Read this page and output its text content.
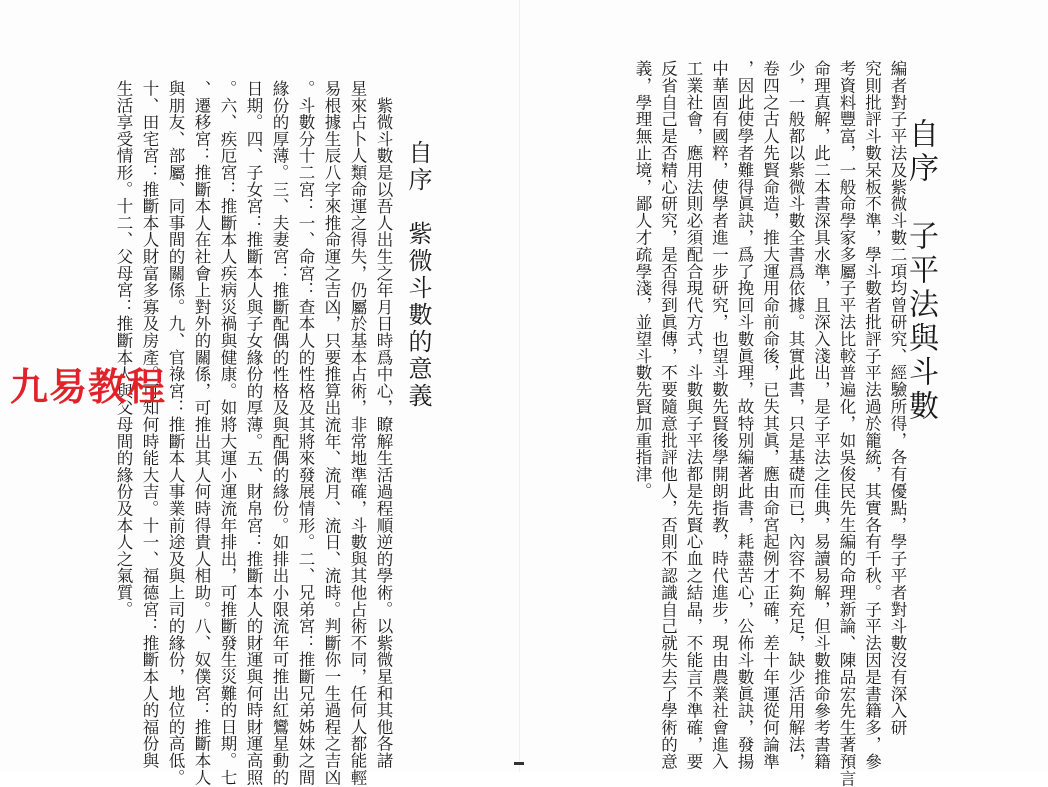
自序　子平法與斗數
編者對子平法及紫微斗數二項均曾研究、經驗所得，各有優點，學子平者對斗數沒有深入研
究則批評斗數呆板不準，學斗數者批評子平法過於籠統，其實各有千秋。子平法因是書籍多，參
考資料豐富，一般命學家多屬子平法比較普遍化，如吳俊民先生編的命理新論、陳品宏先生著預言
命理真解，此二本書深具水準，且深入淺出，是子平法之佳典，易讀易解，但斗數推命參考書籍
少，一般都以紫微斗數全書爲依據。其實此書，只是基礎而已，內容不夠充足，缺少活用解法，
卷四之古人先賢命造，推大運用命前命後，已失其眞，應由命宮起例才正確，差十年運從何論準
，因此使學者難得眞訣，爲了挽回斗數眞理，故特別編著此書，耗盡苦心，公佈斗數眞訣，發揚
中華固有國粹，使學者進一步研究，也望斗數先賢後學開朗指教，時代進步，現由農業社會進入
工業社會，應用法則必須配合現代方式，斗數與子平法都是先賢心血之結晶，不能言不準確，要
反省自己是否精心研究，是否得到眞傳，不要隨意批評他人，否則不認識自己就失去了學術的意
義，學理無止境，鄙人才疏學淺，並望斗數先賢加重指津。
自序　紫微斗數的意義
　紫微斗數是以吾人出生之年月日時爲中心，瞭解生活過程順逆的學術。以紫微星和其他各諸
星來占卜人類命運之得失，仍屬於基本占術，非常地準確，斗數與其他占術不同，任何人都能輕
易根據生辰八字來推命運之吉凶，只要推算出流年、流月、流日、流時。判斷你一生過程之吉凶
。斗數分十二宮：一、命宮：查本人的性格及其將來發展情形。二、兄弟宮：推斷兄弟姊妹之間
緣份的厚薄。三、夫妻宮：推斷配偶的性格及與配偶的緣份。如排出小限流年可推出紅鸞星動的
日期。四、子女宮：推斷本人與子女緣份的厚薄。五、財帛宮：推斷本人的財運與何時財運高照
。六、疾厄宮：推斷本人疾病災禍與健康。如將大運小運流年排出，可推斷發生災難的日期。七
、遷移宮：推斷本人在社會上對外的關係，可推出其人何時得貴人相助。八、奴僕宮：推斷本人
與朋友、部屬、同事間的關係。九、官祿宮：推斷本人事業前途及與上司的緣份，地位的高低。
十、田宅宮：推斷本人財富多寡及房產。可知何時能大吉。十一、福德宮：推斷本人的福份與
生活享受情形。十二、父母宮：推斷本人與父母間的緣份及本人之氣質。
九易教程
